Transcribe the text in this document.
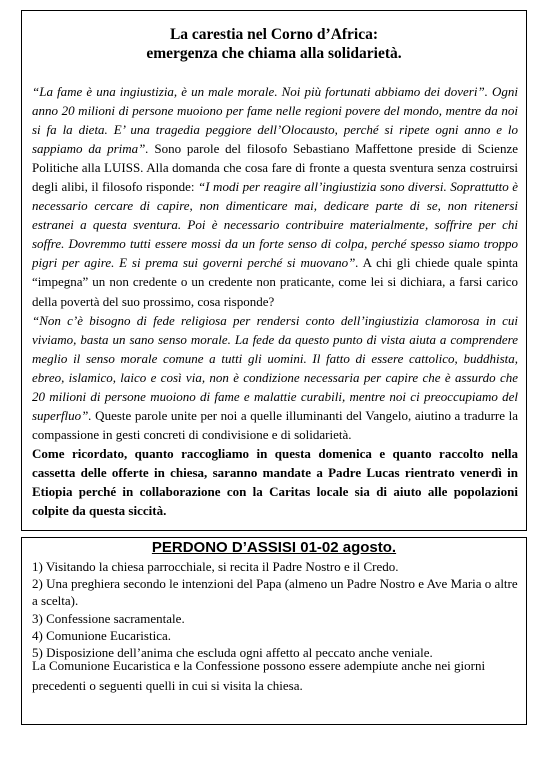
La carestia nel Corno d’Africa:
emergenza che chiama alla solidarietà.
“La fame è una ingiustizia, è un male morale. Noi più fortunati abbiamo dei doveri”. Ogni anno 20 milioni di persone muoiono per fame nelle regioni povere del mondo, mentre da noi si fa la dieta. E’ una tragedia peggiore dell’Olocausto, perché si ripete ogni anno e lo sappiamo da prima”. Sono parole del filosofo Sebastiano Maffettone preside di Scienze Politiche alla LUISS. Alla domanda che cosa fare di fronte a questa sventura senza costruirsi degli alibi, il filosofo risponde: “I modi per reagire all’ingiustizia sono diversi. Soprattutto è necessario cercare di capire, non dimenticare mai, dedicare parte di se, non ritenersi estranei a questa sventura. Poi è necessario contribuire materialmente, soffrire per chi soffre. Dovremmo tutti essere mossi da un forte senso di colpa, perché spesso siamo troppo pigri per agire. E si prema sui governi perché si muovano”. A chi gli chiede quale spinta “impegna” un non credente o un credente non praticante, come lei si dichiara, a farsi carico della povertà del suo prossimo, cosa risponde?
“Non c’è bisogno di fede religiosa per rendersi conto dell’ingiustizia clamorosa in cui viviamo, basta un sano senso morale. La fede da questo punto di vista aiuta a comprendere meglio il senso morale comune a tutti gli uomini. Il fatto di essere cattolico, buddhista, ebreo, islamico, laico e così via, non è condizione necessaria per capire che è assurdo che 20 milioni di persone muoiono di fame e malattie curabili, mentre noi ci preoccupiamo del superfluo”. Queste parole unite per noi a quelle illuminanti del Vangelo, aiutino a tradurre la compassione in gesti concreti di condivisione e di solidarietà.
Come ricordato, quanto raccogliamo in questa domenica e quanto raccolto nella cassetta delle offerte in chiesa, saranno mandate a Padre Lucas rientrato venerdì in Etiopia perché in collaborazione con la Caritas locale sia di aiuto alle popolazioni colpite da questa siccità.
PERDONO D’ASSISI 01-02 agosto.
1) Visitando la chiesa parrocchiale, si recita il Padre Nostro e il Credo.
2) Una preghiera secondo le intenzioni del Papa (almeno un Padre Nostro e Ave Maria o altre a scelta).
3) Confessione sacramentale.
4) Comunione Eucaristica.
5) Disposizione dell’anima che escluda ogni affetto al peccato anche veniale.
La Comunione Eucaristica e la Confessione possono essere adempiute anche nei giorni precedenti o seguenti quelli in cui si visita la chiesa.
